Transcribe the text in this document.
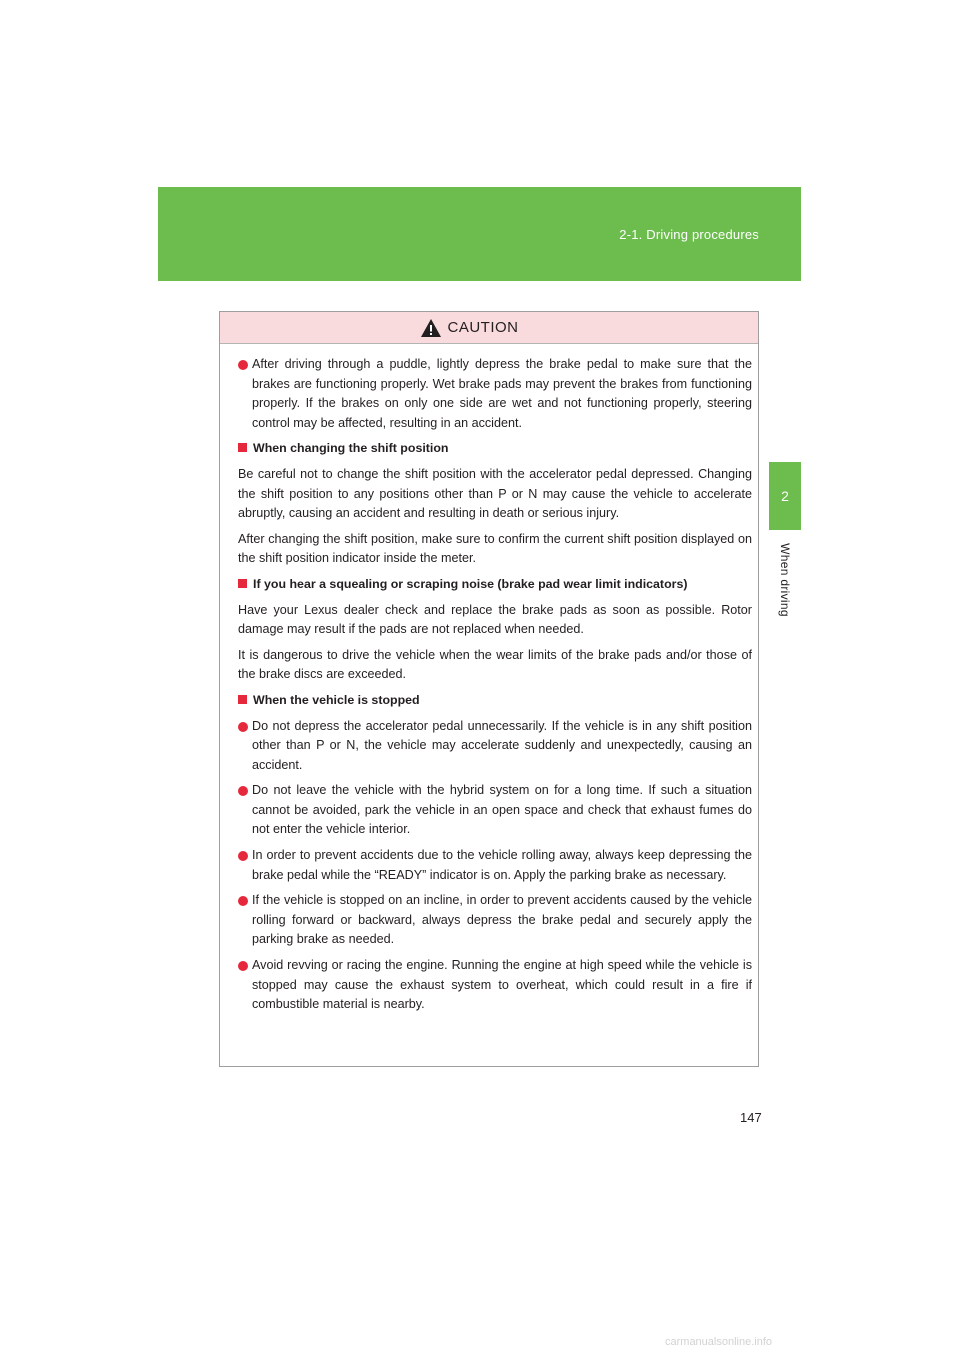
2-1. Driving procedures
2
When driving
CAUTION
After driving through a puddle, lightly depress the brake pedal to make sure that the brakes are functioning properly. Wet brake pads may prevent the brakes from functioning properly. If the brakes on only one side are wet and not functioning properly, steering control may be affected, resulting in an accident.
When changing the shift position

Be careful not to change the shift position with the accelerator pedal depressed. Changing the shift position to any positions other than P or N may cause the vehicle to accelerate abruptly, causing an accident and resulting in death or serious injury.

After changing the shift position, make sure to confirm the current shift position displayed on the shift position indicator inside the meter.

If you hear a squealing or scraping noise (brake pad wear limit indicators)

Have your Lexus dealer check and replace the brake pads as soon as possible. Rotor damage may result if the pads are not replaced when needed.

It is dangerous to drive the vehicle when the wear limits of the brake pads and/or those of the brake discs are exceeded.

When the vehicle is stopped
Do not depress the accelerator pedal unnecessarily. If the vehicle is in any shift position other than P or N, the vehicle may accelerate suddenly and unexpectedly, causing an accident.
Do not leave the vehicle with the hybrid system on for a long time. If such a situation cannot be avoided, park the vehicle in an open space and check that exhaust fumes do not enter the vehicle interior.
In order to prevent accidents due to the vehicle rolling away, always keep depressing the brake pedal while the “READY” indicator is on. Apply the parking brake as necessary.
If the vehicle is stopped on an incline, in order to prevent accidents caused by the vehicle rolling forward or backward, always depress the brake pedal and securely apply the parking brake as needed.
Avoid revving or racing the engine. Running the engine at high speed while the vehicle is stopped may cause the exhaust system to overheat, which could result in a fire if combustible material is nearby.
147
carmanualsonline.info
